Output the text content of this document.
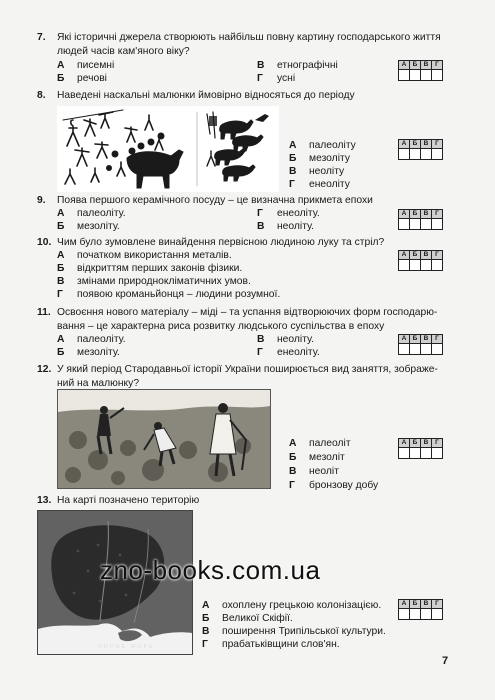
7. Які історичні джерела створюють найбільш повну картину господарського життя
людей часів кам'яного віку?
А писемні
Б речові
В етнографічні
Г усні
А	Б	В	Г

8. Наведені наскальні малюнки ймовірно відносяться до періоду
А палеоліту
Б мезоліту
В неоліту
Г енеоліту
А	Б	В	Г

9. Поява першого керамічного посуду – це визначна прикмета епохи
А палеоліту.
Б мезоліту.
Г енеоліту.
В неоліту.
А	Б	В	Г

10. Чим було зумовлене винайдення первісною людиною луку та стріл?
А початком використання металів.
Б відкриттям перших законів фізики.
В змінами природнокліматичних умов.
Г появою кроманьйонця – людини розумної.
А	Б	В	Г

11. Освоєння нового матеріалу – міді – та успання відтворюючих форм господарю-
вання – це характерна риса розвитку людського суспільства в епоху
А палеоліту.
Б мезоліту.
В неоліту.
Г енеоліту.
А	Б	В	Г

12. У який період Стародавньої історії України поширюється вид заняття, зображе-
ний на малюнку?
А палеоліт
Б мезоліт
В неоліт
Г бронзову добу
А	Б	В	Г

13. На карті позначено територію
ЧОРНЕ МОРЕ
А охоплену грецькою колонізацією.
Б Великої Скіфії.
В поширення Трипільської культури.
Г прабатьківщини слов'ян.
А	Б	В	Г

zno-books.com.ua
7
